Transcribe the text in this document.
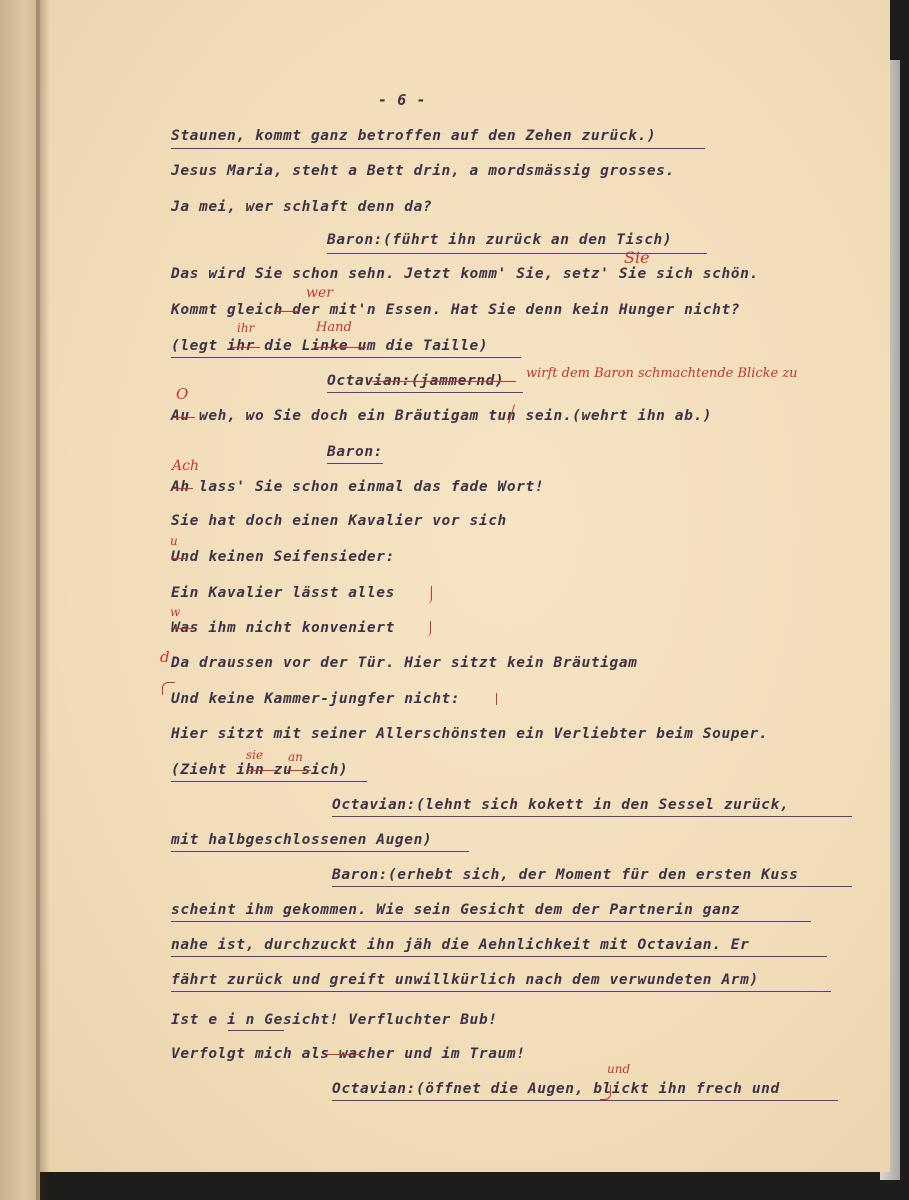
- 6 -

Staunen, kommt ganz betroffen auf den Zehen zurück.)

Jesus Maria, steht a Bett drin, a mordsmässig grosses.

Ja mei, wer schlaft denn da?

Baron:(führt ihn zurück an den Tisch)

Das wird Sie schon sehn. Jetzt komm' Sie, setz' Sie sich schön.

Kommt gleich der mit'n Essen. Hat Sie denn kein Hunger nicht?

(legt ihr die Linke um die Taille)

Octavian:(jammernd)

Au weh, wo Sie doch ein Bräutigam tun sein.(wehrt ihn ab.)

Baron:

Ah lass' Sie schon einmal das fade Wort!

Sie hat doch einen Kavalier vor sich

Und keinen Seifensieder:

Ein Kavalier lässt alles

Was ihm nicht konveniert

Da draussen vor der Tür. Hier sitzt kein Bräutigam

Und keine Kammer-jungfer nicht:

Hier sitzt mit seiner Allerschönsten ein Verliebter beim Souper.

(Zieht ihn zu sich)

Octavian:(lehnt sich kokett in den Sessel zurück,

mit halbgeschlossenen Augen)

Baron:(erhebt sich, der Moment für den ersten Kuss

scheint ihm gekommen. Wie sein Gesicht dem der Partnerin ganz

nahe ist, durchzuckt ihn jäh die Aehnlichkeit mit Octavian. Er

fährt zurück und greift unwillkürlich nach dem verwundeten Arm)

Ist e i n Gesicht! Verfluchter Bub!

Verfolgt mich als wacher und im Traum!

Octavian:(öffnet die Augen, blickt ihn frech und

Sie
wer
ihr	Hand
wirft dem Baron schmachtende Blicke zu
O
Ach
u
w
d
sie an
und
